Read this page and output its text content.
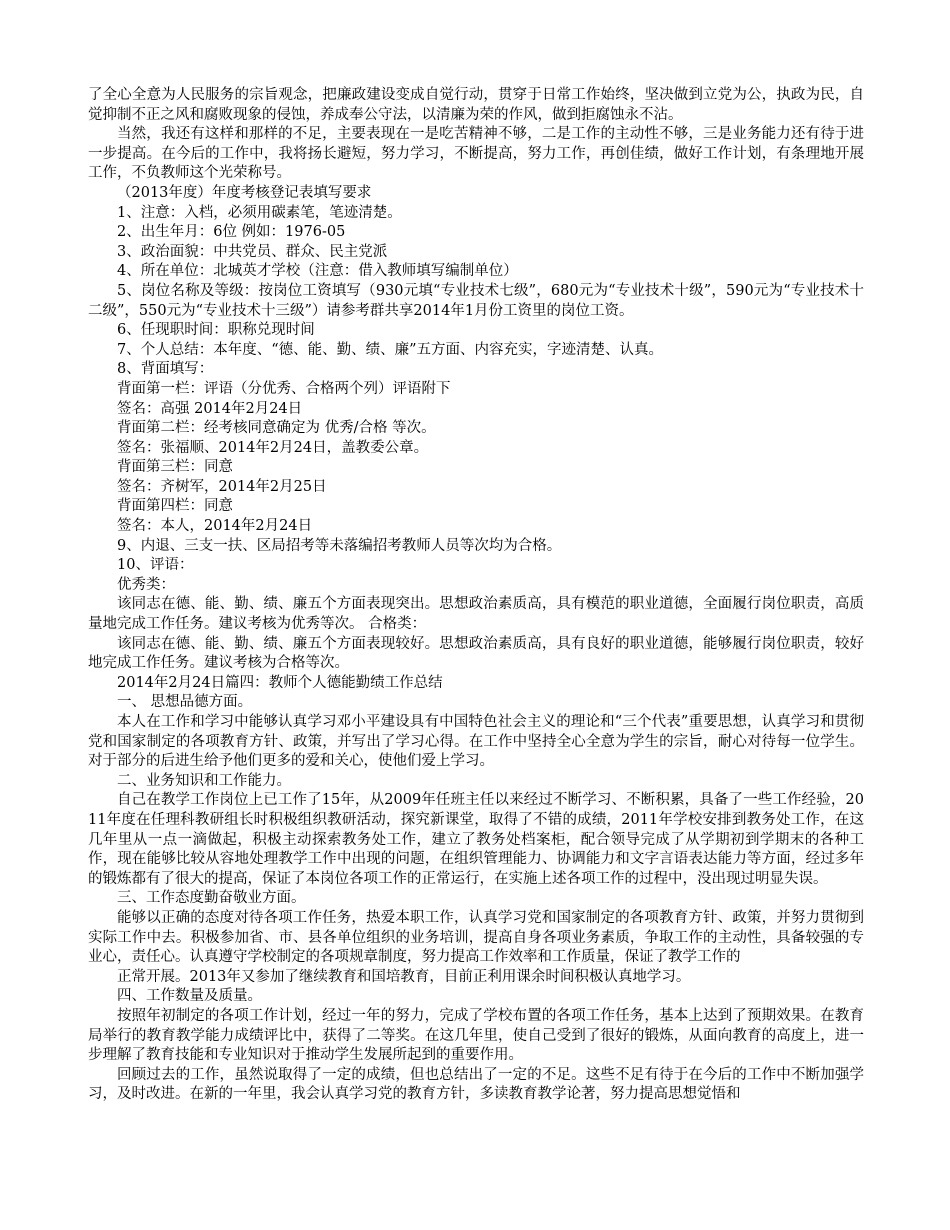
了全心全意为人民服务的宗旨观念，把廉政建设变成自觉行动，贯穿于日常工作始终，坚决做到立党为公，执政为民，自觉抑制不正之风和腐败现象的侵蚀，养成奉公守法，以清廉为荣的作风，做到拒腐蚀永不沾。
当然，我还有这样和那样的不足，主要表现在一是吃苦精神不够，二是工作的主动性不够，三是业务能力还有待于进一步提高。在今后的工作中，我将扬长避短，努力学习，不断提高，努力工作，再创佳绩，做好工作计划，有条理地开展工作，不负教师这个光荣称号。
（2013年度）年度考核登记表填写要求
1、注意：入档，必须用碳素笔，笔迹清楚。
2、出生年月：6位 例如：1976-05
3、政治面貌：中共党员、群众、民主党派
4、所在单位：北城英才学校（注意：借入教师填写编制单位）
5、岗位名称及等级：按岗位工资填写（930元填“专业技术七级”，680元为“专业技术十级”，590元为“专业技术十二级”，550元为“专业技术十三级”）请参考群共享2014年1月份工资里的岗位工资。
6、任现职时间：职称兑现时间
7、个人总结：本年度、“德、能、勤、绩、廉”五方面、内容充实，字迹清楚、认真。
8、背面填写：
背面第一栏：评语（分优秀、合格两个列）评语附下
签名：高强 2014年2月24日
背面第二栏：经考核同意确定为 优秀/合格 等次。
签名：张福顺、2014年2月24日，盖教委公章。
背面第三栏：同意
签名：齐树军，2014年2月25日
背面第四栏：同意
签名：本人，2014年2月24日
9、内退、三支一扶、区局招考等未落编招考教师人员等次均为合格。
10、评语：
优秀类：
该同志在德、能、勤、绩、廉五个方面表现突出。思想政治素质高，具有模范的职业道德，全面履行岗位职责，高质量地完成工作任务。建议考核为优秀等次。 合格类：
该同志在德、能、勤、绩、廉五个方面表现较好。思想政治素质高，具有良好的职业道德，能够履行岗位职责，较好地完成工作任务。建议考核为合格等次。
2014年2月24日篇四：教师个人德能勤绩工作总结
一、 思想品德方面。
本人在工作和学习中能够认真学习邓小平建设具有中国特色社会主义的理论和“三个代表”重要思想，认真学习和贯彻党和国家制定的各项教育方针、政策，并写出了学习心得。在工作中坚持全心全意为学生的宗旨，耐心对待每一位学生。对于部分的后进生给予他们更多的爱和关心，使他们爱上学习。
二、业务知识和工作能力。
自己在教学工作岗位上已工作了15年，从2009年任班主任以来经过不断学习、不断积累，具备了一些工作经验，2011年度在任理科教研组长时积极组织教研活动，探究新课堂，取得了不错的成绩，2011年学校安排到教务处工作，在这几年里从一点一滴做起，积极主动探索教务处工作，建立了教务处档案柜，配合领导完成了从学期初到学期末的各种工作，现在能够比较从容地处理教学工作中出现的问题，在组织管理能力、协调能力和文字言语表达能力等方面，经过多年的锻炼都有了很大的提高，保证了本岗位各项工作的正常运行，在实施上述各项工作的过程中，没出现过明显失误。
三、工作态度勤奋敬业方面。
能够以正确的态度对待各项工作任务，热爱本职工作，认真学习党和国家制定的各项教育方针、政策，并努力贯彻到实际工作中去。积极参加省、市、县各单位组织的业务培训，提高自身各项业务素质，争取工作的主动性，具备较强的专业心，责任心。认真遵守学校制定的各项规章制度，努力提高工作效率和工作质量，保证了教学工作的
正常开展。2013年又参加了继续教育和国培教育，目前正利用课余时间积极认真地学习。
四、工作数量及质量。
按照年初制定的各项工作计划，经过一年的努力，完成了学校布置的各项工作任务，基本上达到了预期效果。在教育局举行的教育教学能力成绩评比中，获得了二等奖。在这几年里，使自己受到了很好的锻炼，从面向教育的高度上，进一步理解了教育技能和专业知识对于推动学生发展所起到的重要作用。
回顾过去的工作，虽然说取得了一定的成绩，但也总结出了一定的不足。这些不足有待于在今后的工作中不断加强学习，及时改进。在新的一年里，我会认真学习党的教育方针，多读教育教学论著，努力提高思想觉悟和
